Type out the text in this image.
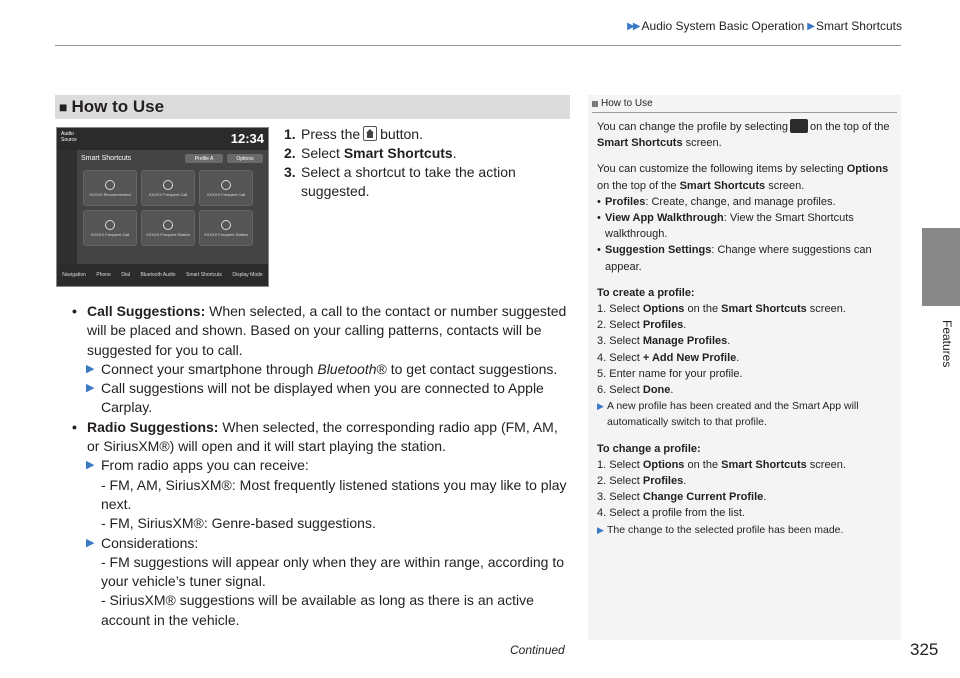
▶▶ Audio System Basic Operation ▶ Smart Shortcuts
Features
■ How to Use
Audio Source	12:34
Smart Shortcuts	Profile A	Options
XXXXX Recommended	XXXXX Frequent Call	XXXXX Frequent Call
XXXXX Frequent Call	XXXXX Frequent Station	XXXXX Frequent Station
Navigation Phone Dial Bluetooth Audio Smart Shortcuts Display Mode
1. Press the button.
2. Select Smart Shortcuts.
3. Select a shortcut to take the action suggested.
• Call Suggestions: When selected, a call to the contact or number suggested will be placed and shown. Based on your calling patterns, contacts will be suggested for you to call.
▶ Connect your smartphone through Bluetooth® to get contact suggestions.
▶ Call suggestions will not be displayed when you are connected to Apple Carplay.
• Radio Suggestions: When selected, the corresponding radio app (FM, AM, or SiriusXM®) will open and it will start playing the station.
▶ From radio apps you can receive:
- FM, AM, SiriusXM®: Most frequently listened stations you may like to play next.
- FM, SiriusXM®: Genre-based suggestions.
▶ Considerations:
- FM suggestions will appear only when they are within range, according to your vehicle’s tuner signal.
- SiriusXM® suggestions will be available as long as there is an active account in the vehicle.
How to Use

You can change the profile by selecting on the top of the Smart Shortcuts screen.

You can customize the following items by selecting Options on the top of the Smart Shortcuts screen.

• Profiles: Create, change, and manage profiles.
• View App Walkthrough: View the Smart Shortcuts walkthrough.
• Suggestion Settings: Change where suggestions can appear.

To create a profile:

1. Select Options on the Smart Shortcuts screen.

2. Select Profiles.

3. Select Manage Profiles.

4. Select + Add New Profile.

5. Enter name for your profile.

6. Select Done.

▶ A new profile has been created and the Smart App will automatically switch to that profile.

To change a profile:

1. Select Options on the Smart Shortcuts screen.

2. Select Profiles.

3. Select Change Current Profile.

4. Select a profile from the list.

▶ The change to the selected profile has been made.
Continued	325
